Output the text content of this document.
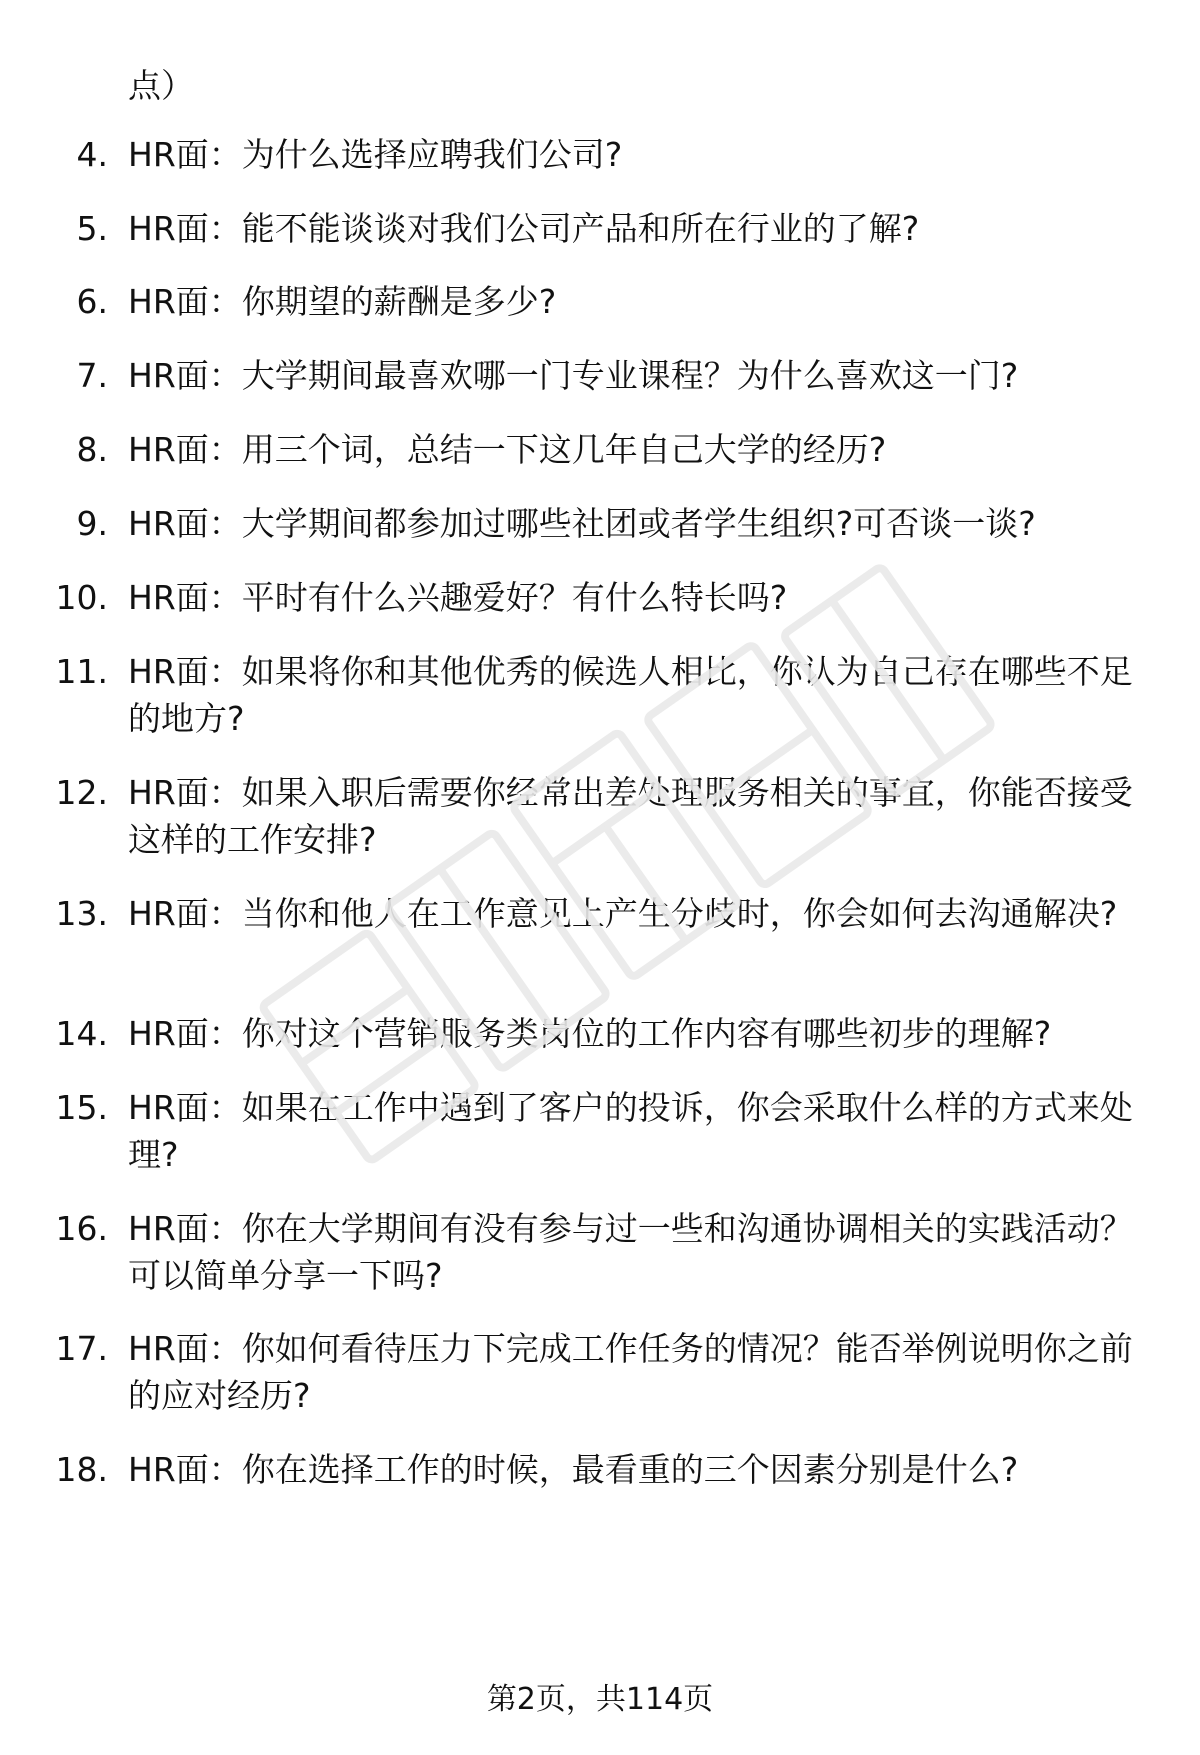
点）
4. HR面：为什么选择应聘我们公司?
5. HR面：能不能谈谈对我们公司产品和所在行业的了解?
6. HR面：你期望的薪酬是多少?
7. HR面：大学期间最喜欢哪一门专业课程？为什么喜欢这一门?
8. HR面：用三个词，总结一下这几年自己大学的经历?
9. HR面：大学期间都参加过哪些社团或者学生组织?可否谈一谈?
10. HR面：平时有什么兴趣爱好？有什么特长吗?
11. HR面：如果将你和其他优秀的候选人相比，你认为自己存在哪些不足的地方?
12. HR面：如果入职后需要你经常出差处理服务相关的事宜，你能否接受这样的工作安排?
13. HR面：当你和他人在工作意见上产生分歧时，你会如何去沟通解决?
14. HR面：你对这个营销服务类岗位的工作内容有哪些初步的理解?
15. HR面：如果在工作中遇到了客户的投诉，你会采取什么样的方式来处理?
16. HR面：你在大学期间有没有参与过一些和沟通协调相关的实践活动？可以简单分享一下吗?
17. HR面：你如何看待压力下完成工作任务的情况？能否举例说明你之前的应对经历?
18. HR面：你在选择工作的时候，最看重的三个因素分别是什么?
第2页，共114页
